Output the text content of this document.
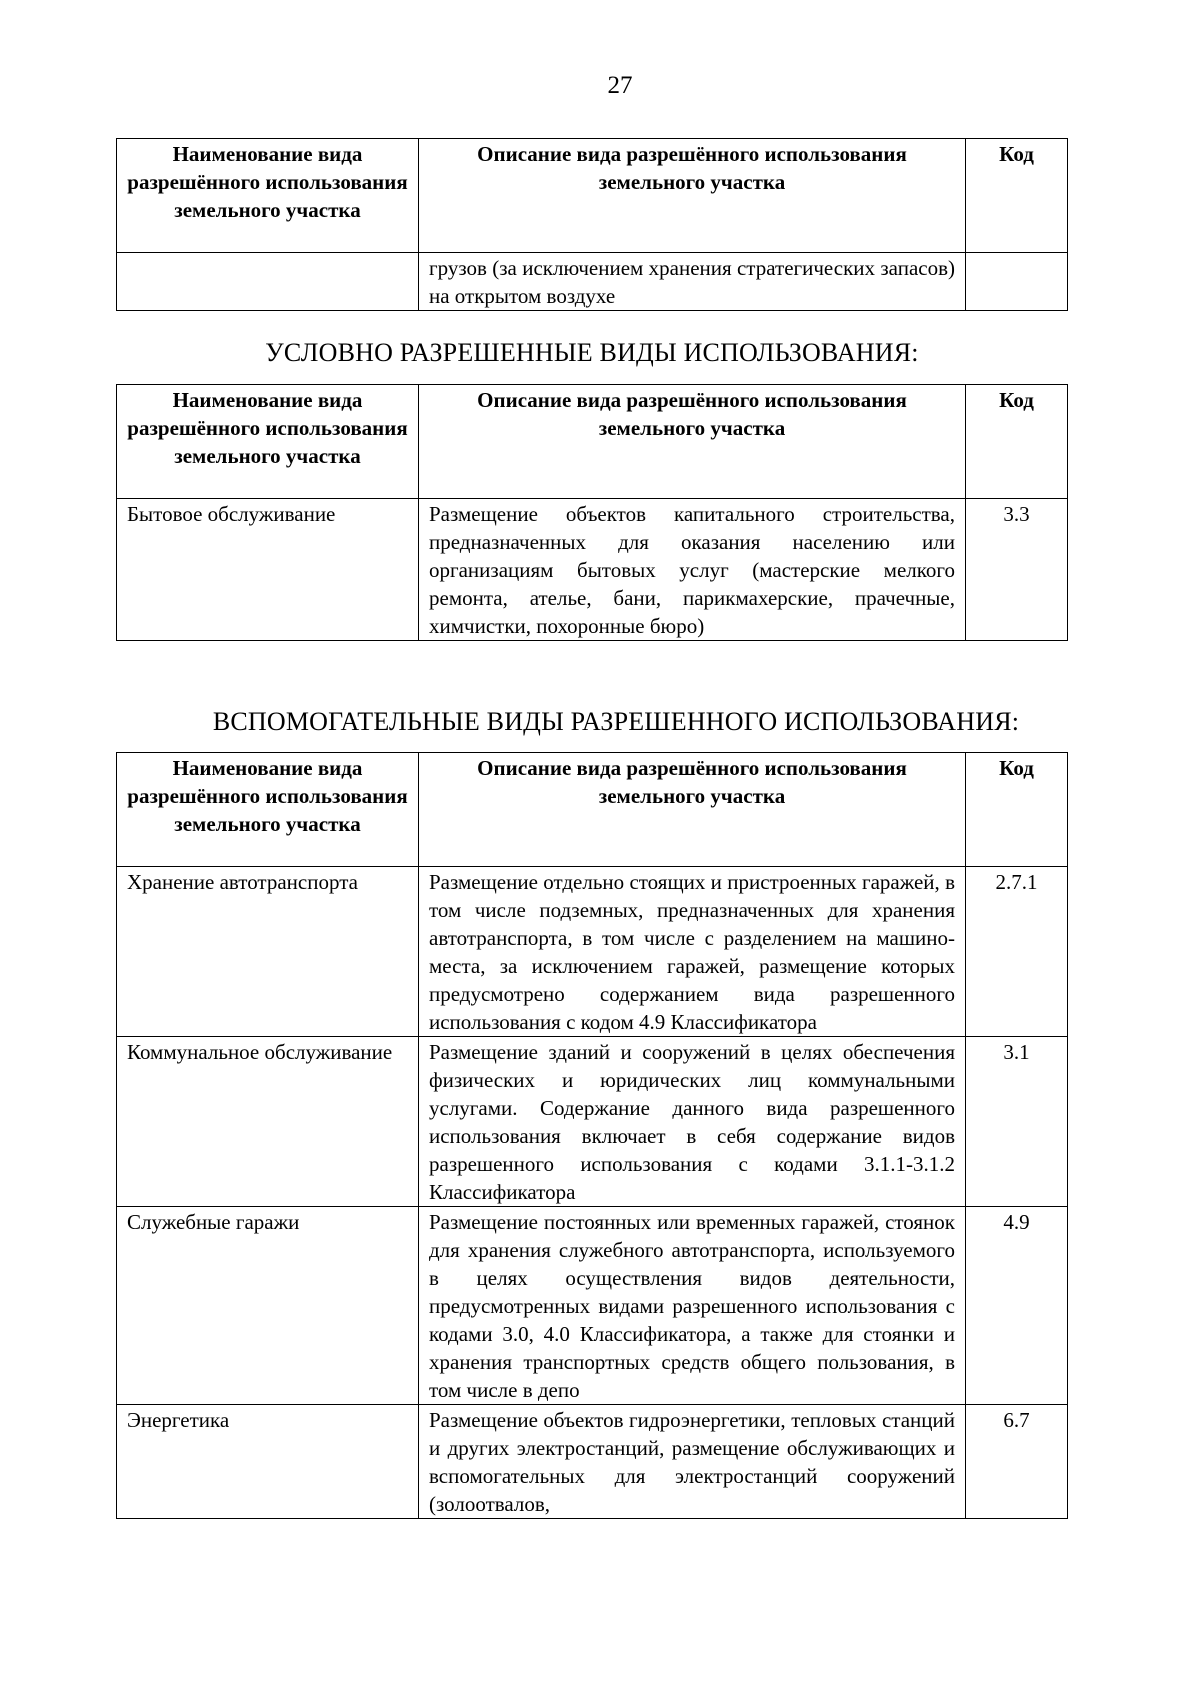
27
Наименование вида разрешённого использования земельного участка	Описание вида разрешённого использования земельного участка	Код
	грузов (за исключением хранения стратегических запасов) на открытом воздухе	
УСЛОВНО РАЗРЕШЕННЫЕ ВИДЫ ИСПОЛЬЗОВАНИЯ:
Наименование вида разрешённого использования земельного участка	Описание вида разрешённого использования земельного участка	Код
Бытовое обслуживание	Размещение объектов капитального строительства, предназначенных для оказания населению или организациям бытовых услуг (мастерские мелкого ремонта, ателье, бани, парикмахерские, прачечные, химчистки, похоронные бюро)	3.3
ВСПОМОГАТЕЛЬНЫЕ ВИДЫ РАЗРЕШЕННОГО ИСПОЛЬЗОВАНИЯ:
Наименование вида разрешённого использования земельного участка	Описание вида разрешённого использования земельного участка	Код
Хранение автотранспорта	Размещение отдельно стоящих и пристроенных гаражей, в том числе подземных, предназначенных для хранения автотранспорта, в том числе с разделением на машино-места, за исключением гаражей, размещение которых предусмотрено содержанием вида разрешенного использования с кодом 4.9 Классификатора	2.7.1
Коммунальное обслуживание	Размещение зданий и сооружений в целях обеспечения физических и юридических лиц коммунальными услугами. Содержание данного вида разрешенного использования включает в себя содержание видов разрешенного использования с кодами 3.1.1-3.1.2 Классификатора	3.1
Служебные гаражи	Размещение постоянных или временных гаражей, стоянок для хранения служебного автотранспорта, используемого в целях осуществления видов деятельности, предусмотренных видами разрешенного использования с кодами 3.0, 4.0 Классификатора, а также для стоянки и хранения транспортных средств общего пользования, в том числе в депо	4.9
Энергетика	Размещение объектов гидроэнергетики, тепловых станций и других электростанций, размещение обслуживающих и вспомогательных для электростанций сооружений (золоотвалов,	6.7
